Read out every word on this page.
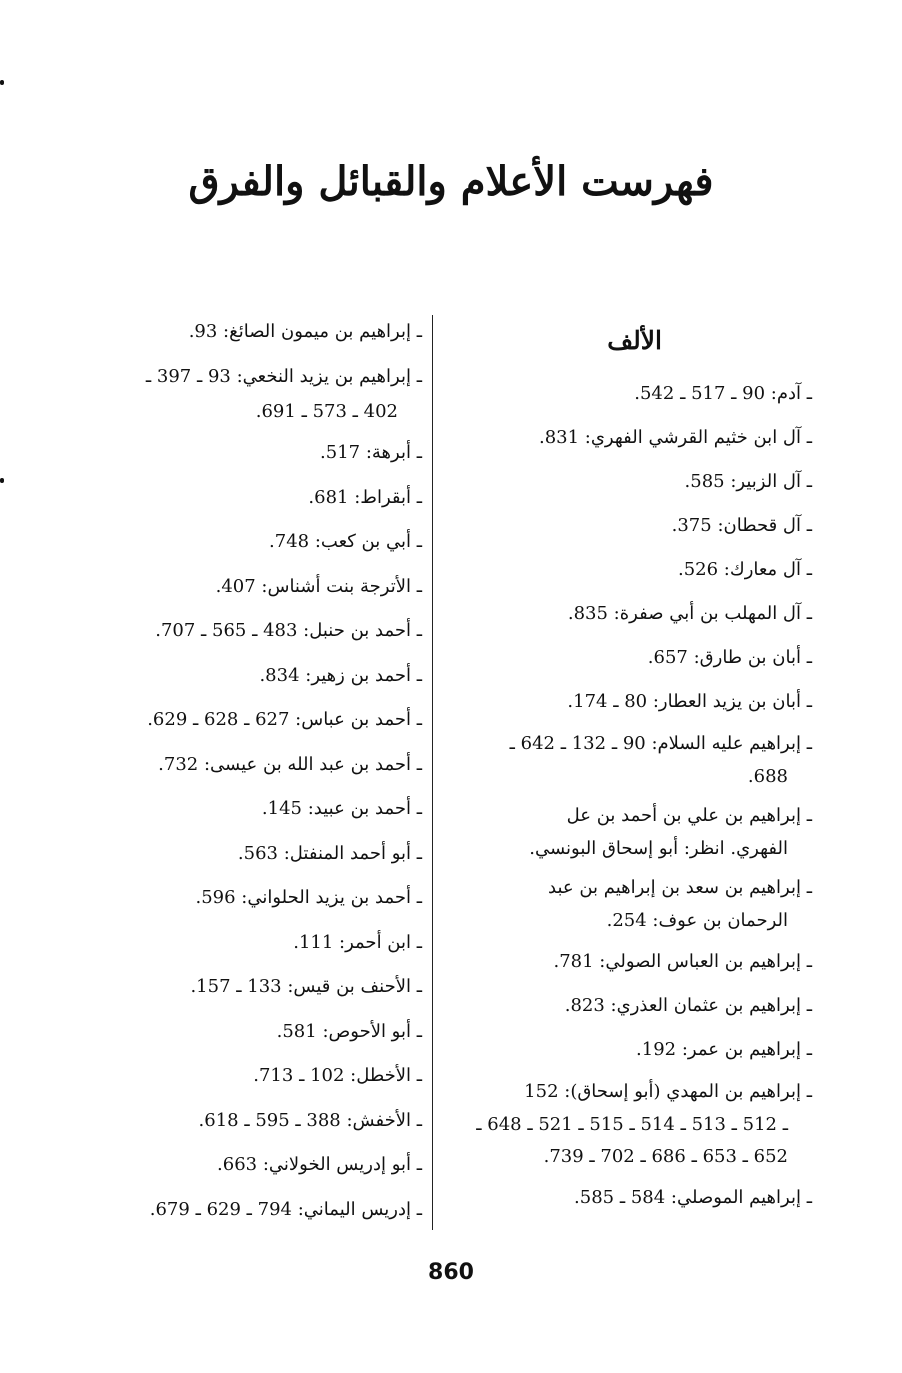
فهرست الأعلام والقبائل والفرق
الألف

ـ آدم: 90 ـ 517 ـ 542.

ـ آل ابن خثيم القرشي الفهري: 831.

ـ آل الزبير: 585.

ـ آل قحطان: 375.

ـ آل معارك: 526.

ـ آل المهلب بن أبي صفرة: 835.

ـ أبان بن طارق: 657.

ـ أبان بن يزيد العطار: 80 ـ 174.

ـ إبراهيم عليه السلام: 90 ـ 132 ـ 642 ـ
688.

ـ إبراهيم بن علي بن أحمد بن عل
الفهري. انظر: أبو إسحاق البونسي.

ـ إبراهيم بن سعد بن إبراهيم بن عبد
الرحمان بن عوف: 254.

ـ إبراهيم بن العباس الصولي: 781.

ـ إبراهيم بن عثمان العذري: 823.

ـ إبراهيم بن عمر: 192.

ـ إبراهيم بن المهدي (أبو إسحاق): 152
ـ 512 ـ 513 ـ 514 ـ 515 ـ 521 ـ 648 ـ
652 ـ 653 ـ 686 ـ 702 ـ 739.

ـ إبراهيم الموصلي: 584 ـ 585.

ـ إبراهيم بن ميمون الصائغ: 93.

ـ إبراهيم بن يزيد النخعي: 93 ـ 397 ـ
402 ـ 573 ـ 691.

ـ أبرهة: 517.

ـ أبقراط: 681.

ـ أبي بن كعب: 748.

ـ الأترجة بنت أشناس: 407.

ـ أحمد بن حنبل: 483 ـ 565 ـ 707.

ـ أحمد بن زهير: 834.

ـ أحمد بن عباس: 627 ـ 628 ـ 629.

ـ أحمد بن عبد الله بن عيسى: 732.

ـ أحمد بن عبيد: 145.

ـ أبو أحمد المنفتل: 563.

ـ أحمد بن يزيد الحلواني: 596.

ـ ابن أحمر: 111.

ـ الأحنف بن قيس: 133 ـ 157.

ـ أبو الأحوص: 581.

ـ الأخطل: 102 ـ 713.

ـ الأخفش: 388 ـ 595 ـ 618.

ـ أبو إدريس الخولاني: 663.

ـ إدريس اليماني: 794 ـ 629 ـ 679.

860
